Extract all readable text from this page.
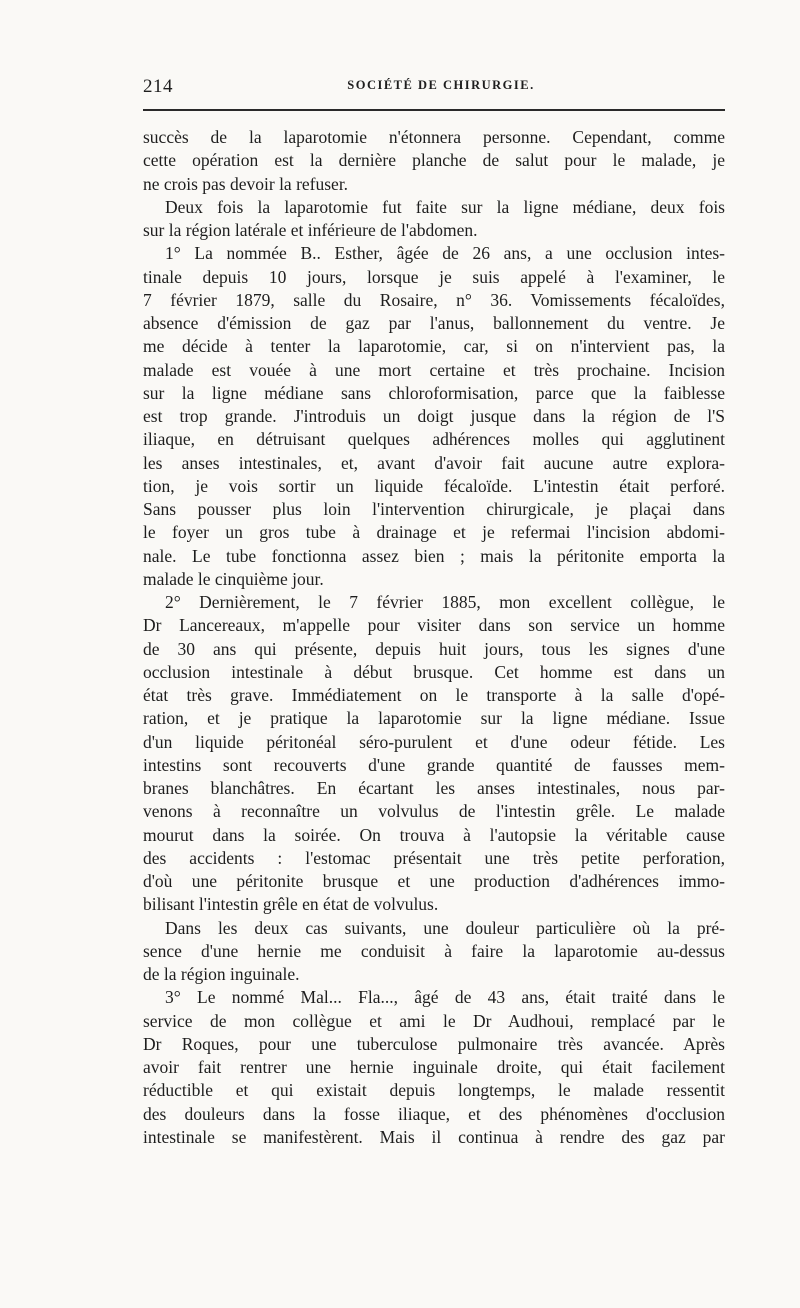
214	SOCIÉTÉ DE CHIRURGIE.
succès de la laparotomie n'étonnera personne. Cependant, comme
cette opération est la dernière planche de salut pour le malade, je
ne crois pas devoir la refuser.
Deux fois la laparotomie fut faite sur la ligne médiane, deux fois
sur la région latérale et inférieure de l'abdomen.
1° La nommée B.. Esther, âgée de 26 ans, a une occlusion intes-
tinale depuis 10 jours, lorsque je suis appelé à l'examiner, le
7 février 1879, salle du Rosaire, n° 36. Vomissements fécaloïdes,
absence d'émission de gaz par l'anus, ballonnement du ventre. Je
me décide à tenter la laparotomie, car, si on n'intervient pas, la
malade est vouée à une mort certaine et très prochaine. Incision
sur la ligne médiane sans chloroformisation, parce que la faiblesse
est trop grande. J'introduis un doigt jusque dans la région de l'S
iliaque, en détruisant quelques adhérences molles qui agglutinent
les anses intestinales, et, avant d'avoir fait aucune autre explora-
tion, je vois sortir un liquide fécaloïde. L'intestin était perforé.
Sans pousser plus loin l'intervention chirurgicale, je plaçai dans
le foyer un gros tube à drainage et je refermai l'incision abdomi-
nale. Le tube fonctionna assez bien ; mais la péritonite emporta la
malade le cinquième jour.
2° Dernièrement, le 7 février 1885, mon excellent collègue, le
Dr Lancereaux, m'appelle pour visiter dans son service un homme
de 30 ans qui présente, depuis huit jours, tous les signes d'une
occlusion intestinale à début brusque. Cet homme est dans un
état très grave. Immédiatement on le transporte à la salle d'opé-
ration, et je pratique la laparotomie sur la ligne médiane. Issue
d'un liquide péritonéal séro-purulent et d'une odeur fétide. Les
intestins sont recouverts d'une grande quantité de fausses mem-
branes blanchâtres. En écartant les anses intestinales, nous par-
venons à reconnaître un volvulus de l'intestin grêle. Le malade
mourut dans la soirée. On trouva à l'autopsie la véritable cause
des accidents : l'estomac présentait une très petite perforation,
d'où une péritonite brusque et une production d'adhérences immo-
bilisant l'intestin grêle en état de volvulus.
Dans les deux cas suivants, une douleur particulière où la pré-
sence d'une hernie me conduisit à faire la laparotomie au-dessus
de la région inguinale.
3° Le nommé Mal... Fla..., âgé de 43 ans, était traité dans le
service de mon collègue et ami le Dr Audhoui, remplacé par le
Dr Roques, pour une tuberculose pulmonaire très avancée. Après
avoir fait rentrer une hernie inguinale droite, qui était facilement
réductible et qui existait depuis longtemps, le malade ressentit
des douleurs dans la fosse iliaque, et des phénomènes d'occlusion
intestinale se manifestèrent. Mais il continua à rendre des gaz par
